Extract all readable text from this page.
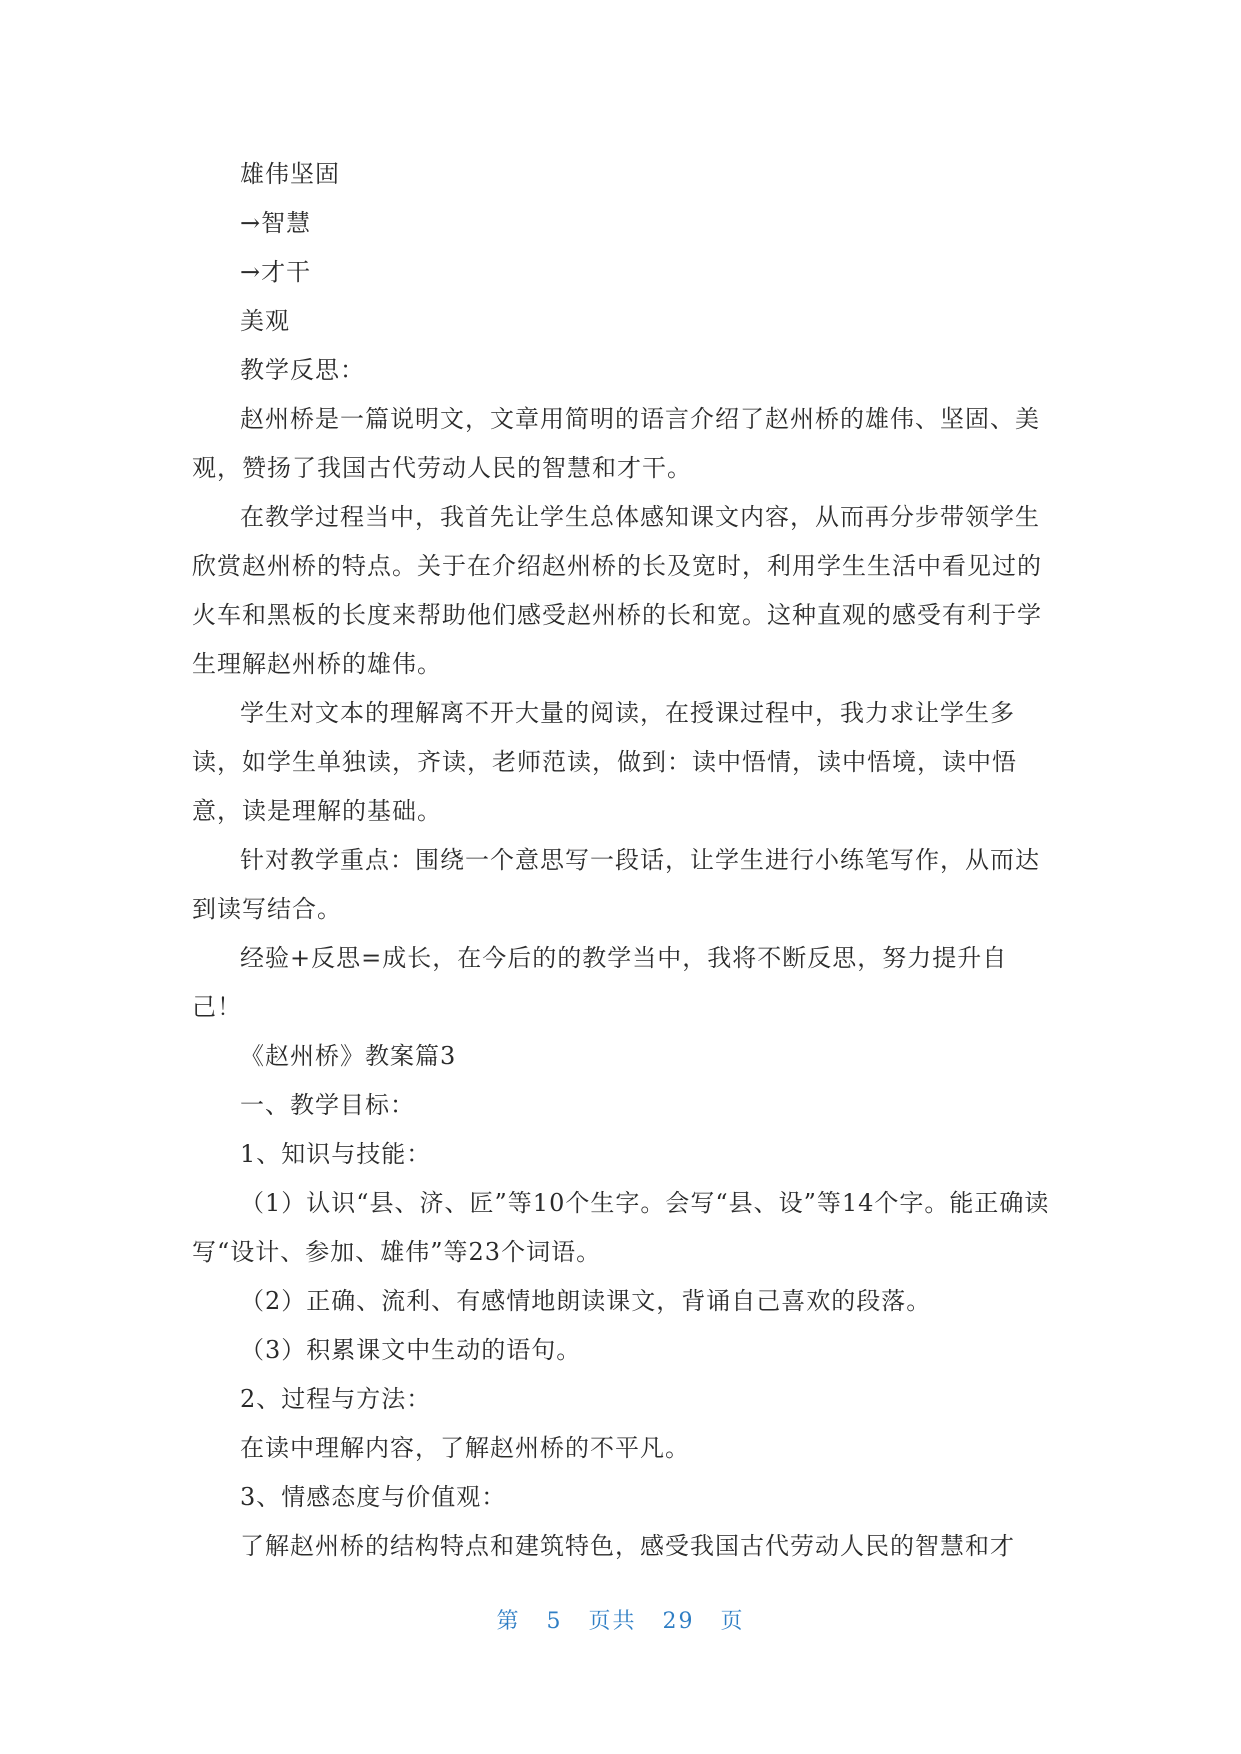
雄伟坚固

→智慧

→才干

美观

教学反思：

赵州桥是一篇说明文，文章用简明的语言介绍了赵州桥的雄伟、坚固、美观，赞扬了我国古代劳动人民的智慧和才干。

在教学过程当中，我首先让学生总体感知课文内容，从而再分步带领学生欣赏赵州桥的特点。关于在介绍赵州桥的长及宽时，利用学生生活中看见过的火车和黑板的长度来帮助他们感受赵州桥的长和宽。这种直观的感受有利于学生理解赵州桥的雄伟。

学生对文本的理解离不开大量的阅读，在授课过程中，我力求让学生多读，如学生单独读，齐读，老师范读，做到：读中悟情，读中悟境，读中悟意，读是理解的基础。

针对教学重点：围绕一个意思写一段话，让学生进行小练笔写作，从而达到读写结合。

经验+反思=成长，在今后的的教学当中，我将不断反思，努力提升自己！

《赵州桥》教案篇3

一、教学目标：

1、知识与技能：

（1）认识“县、济、匠”等10个生字。会写“县、设”等14个字。能正确读写“设计、参加、雄伟”等23个词语。

（2）正确、流利、有感情地朗读课文，背诵自己喜欢的段落。

（3）积累课文中生动的语句。

2、过程与方法：

在读中理解内容，了解赵州桥的不平凡。

3、情感态度与价值观：

了解赵州桥的结构特点和建筑特色，感受我国古代劳动人民的智慧和才

第 5 页共 29 页
